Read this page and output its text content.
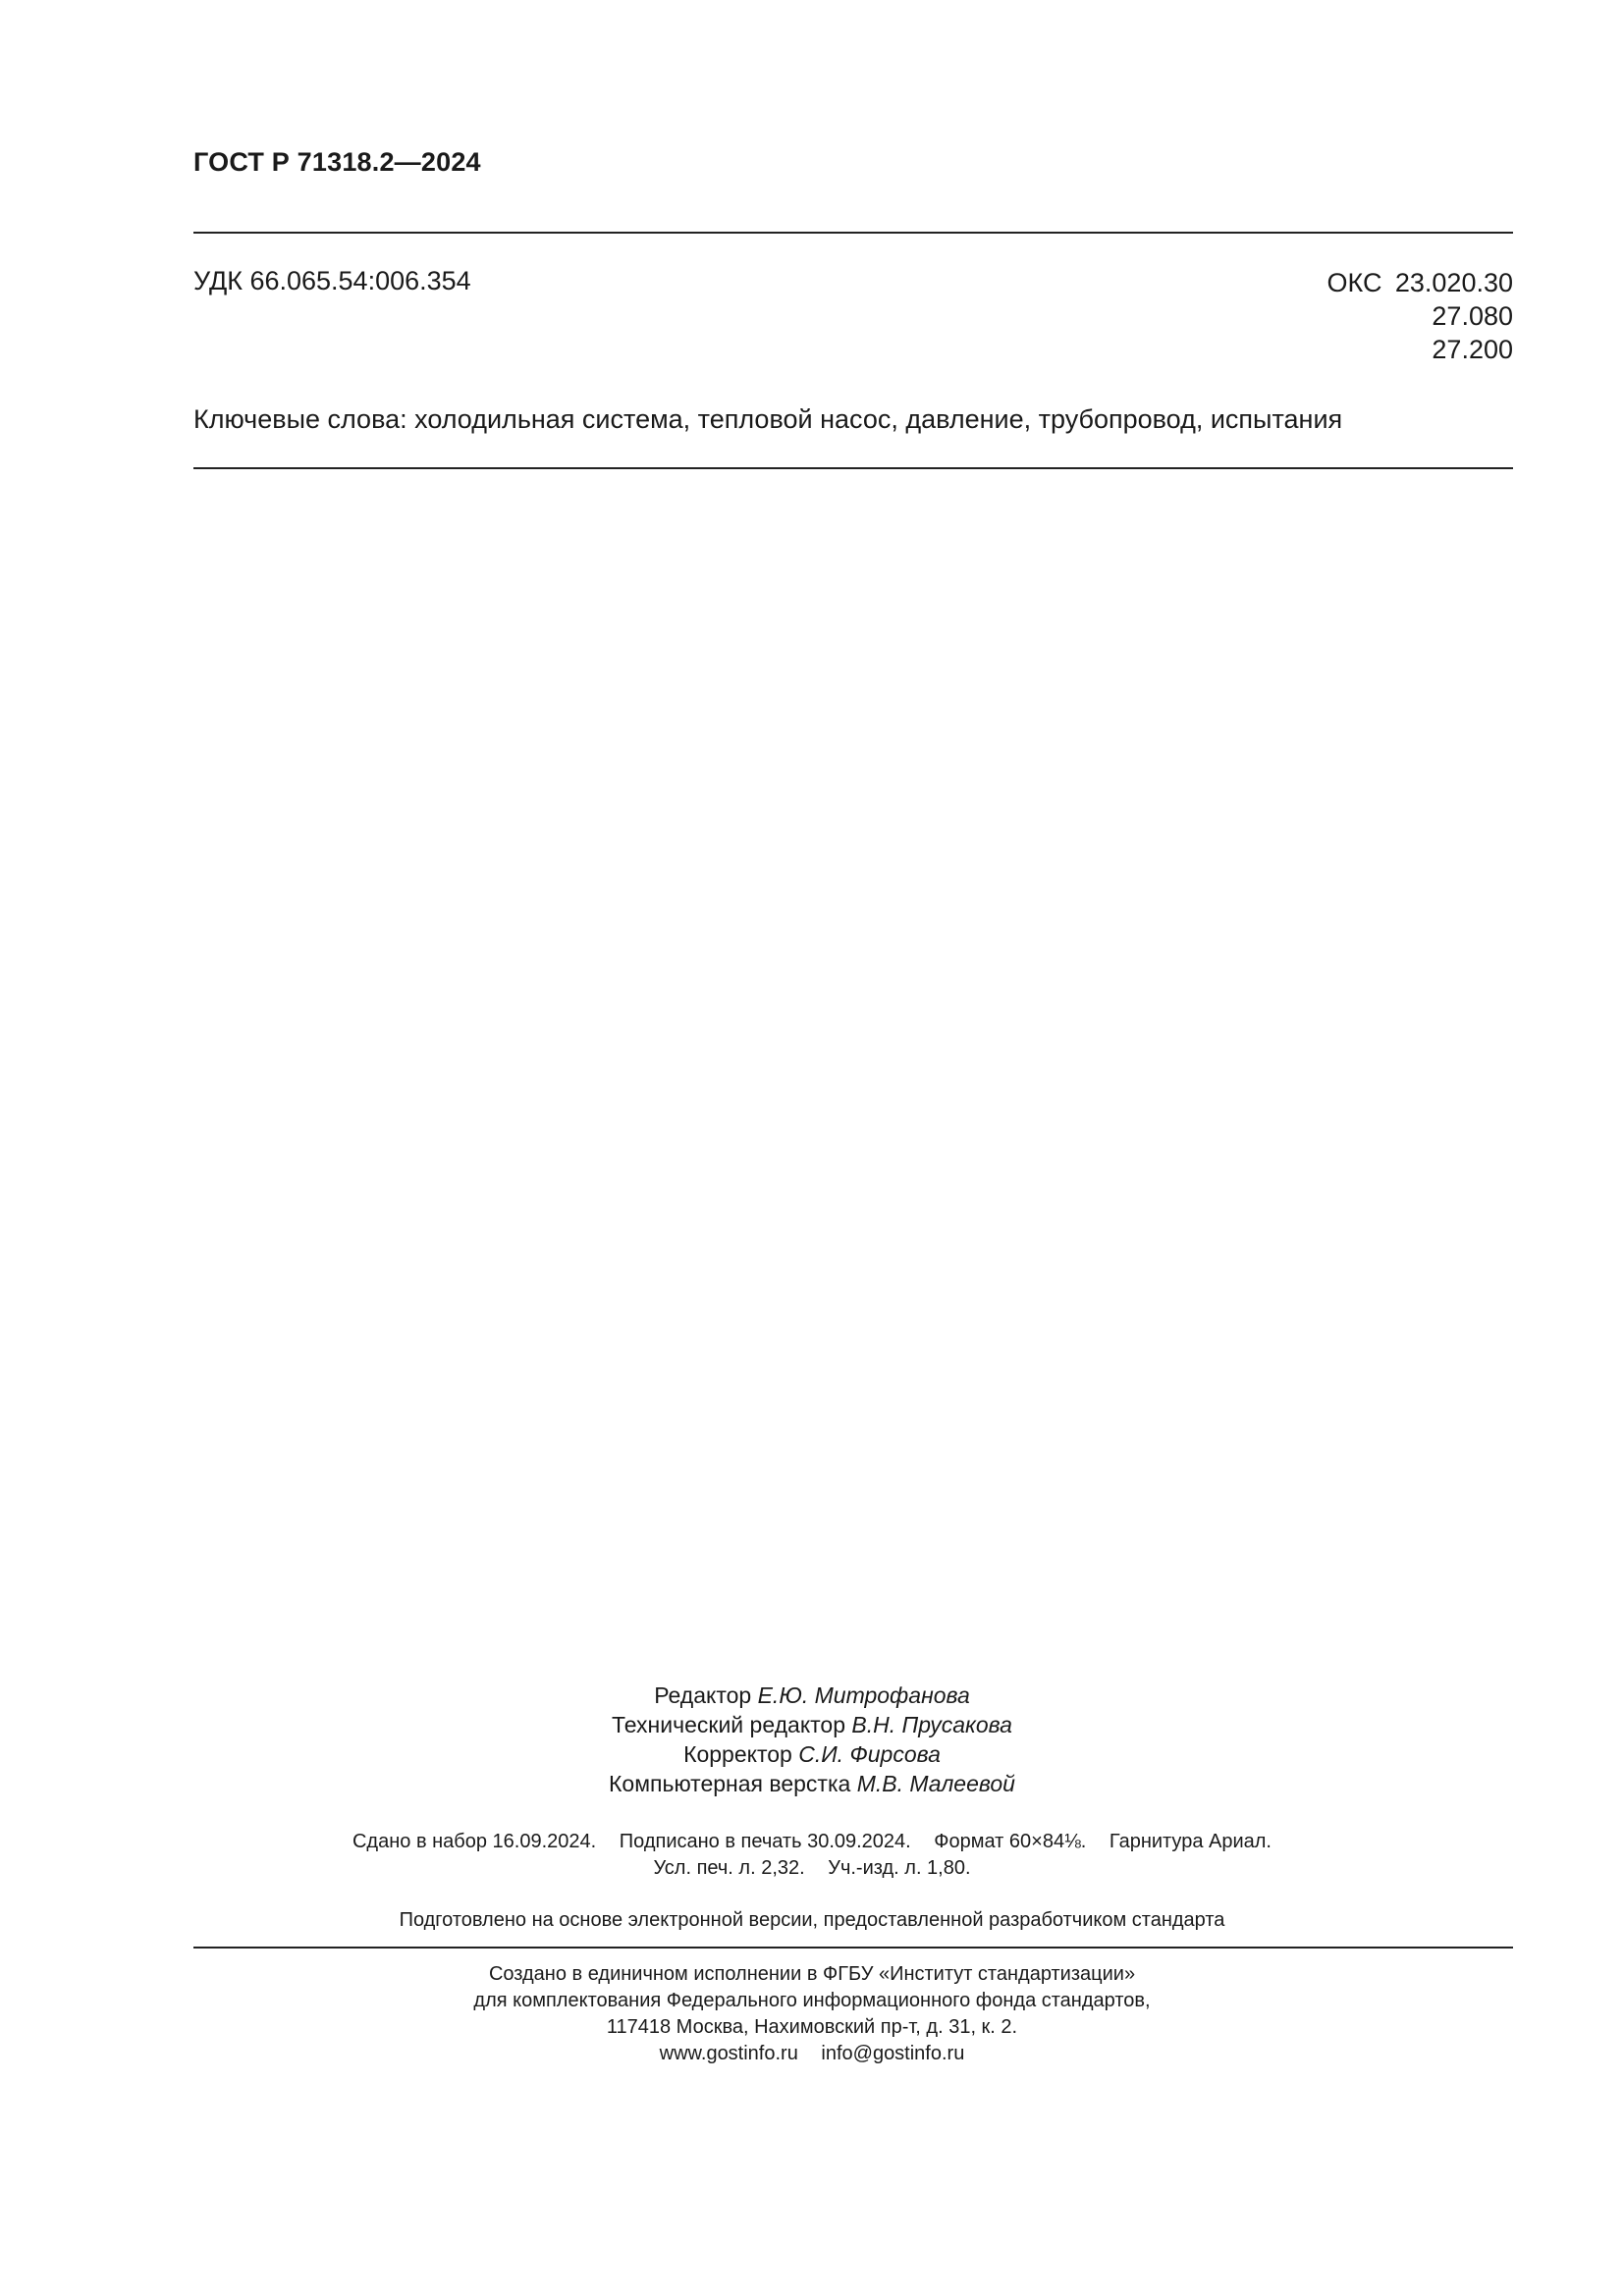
ГОСТ Р 71318.2—2024
УДК 66.065.54:006.354	ОКС 23.020.30
27.080
27.200
Ключевые слова: холодильная система, тепловой насос, давление, трубопровод, испытания
Редактор Е.Ю. Митрофанова
Технический редактор В.Н. Прусакова
Корректор С.И. Фирсова
Компьютерная верстка М.В. Малеевой
Сдано в набор 16.09.2024. Подписано в печать 30.09.2024. Формат 60×84⅛. Гарнитура Ариал.
Усл. печ. л. 2,32. Уч.-изд. л. 1,80.
Подготовлено на основе электронной версии, предоставленной разработчиком стандарта
Создано в единичном исполнении в ФГБУ «Институт стандартизации»
для комплектования Федерального информационного фонда стандартов,
117418 Москва, Нахимовский пр-т, д. 31, к. 2.
www.gostinfo.ru info@gostinfo.ru
